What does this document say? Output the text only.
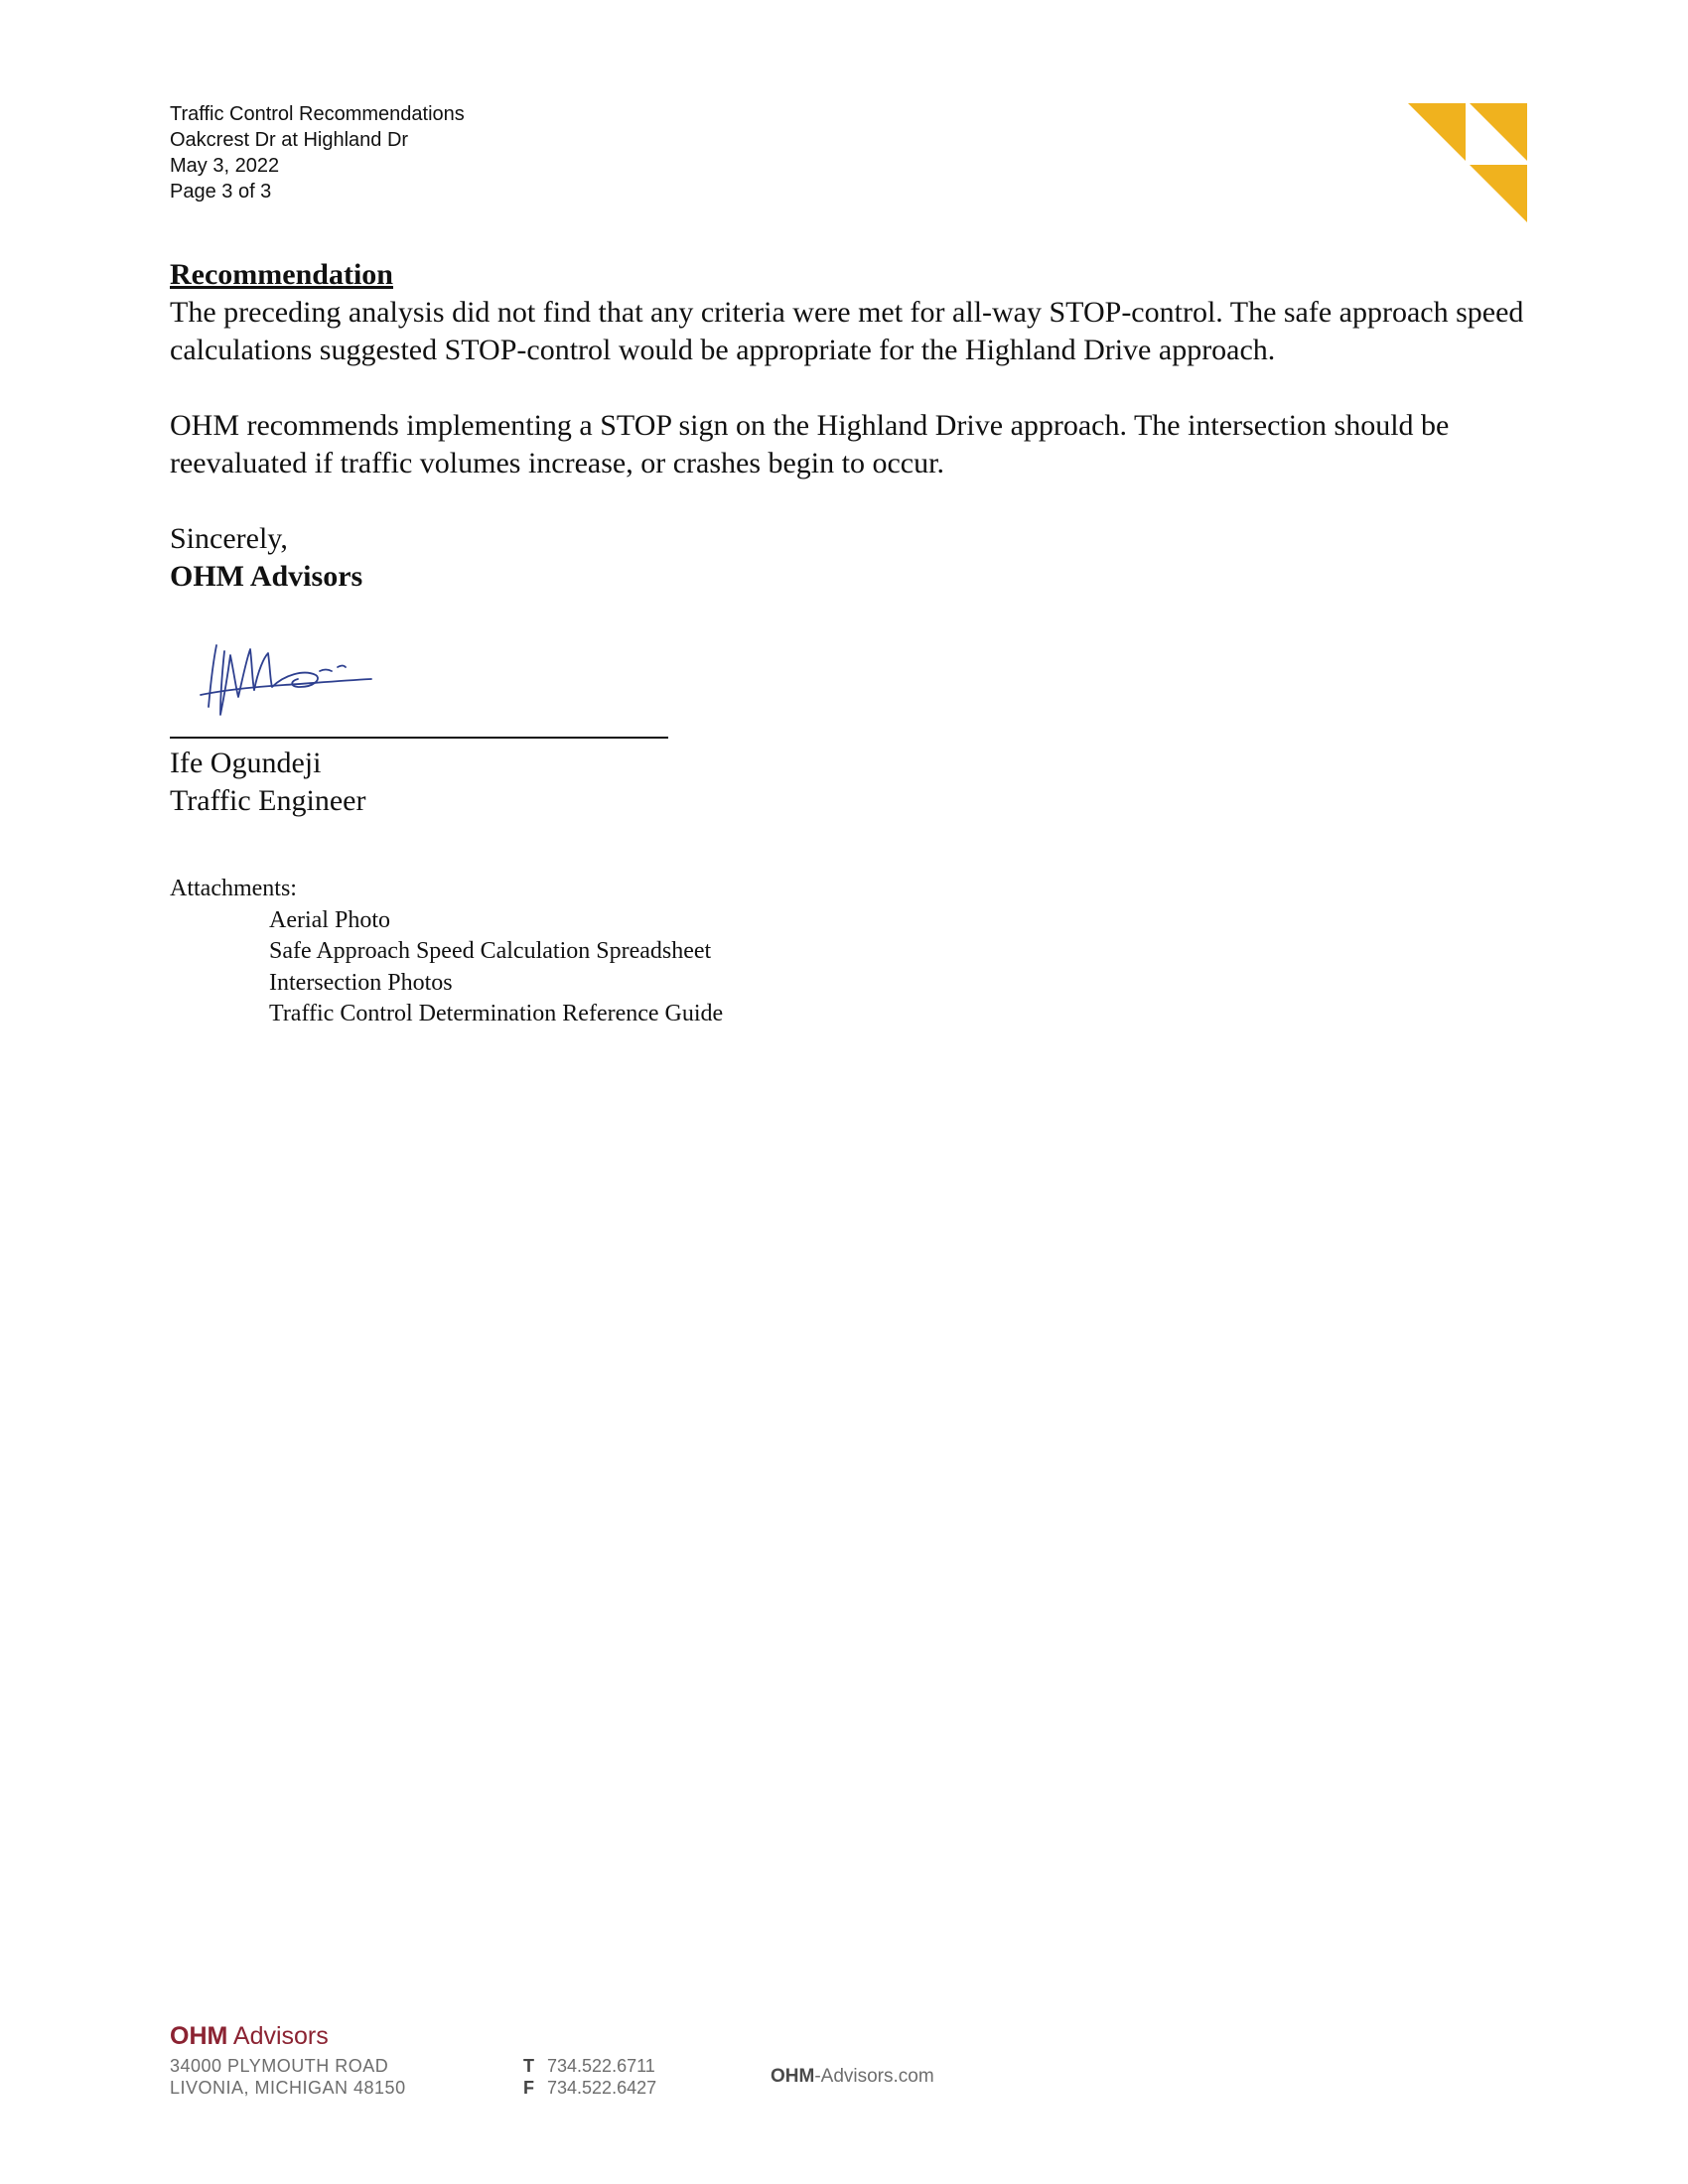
Traffic Control Recommendations
Oakcrest Dr at Highland Dr
May 3, 2022
Page 3 of 3

Recommendation

The preceding analysis did not find that any criteria were met for all-way STOP-control. The safe approach speed calculations suggested STOP-control would be appropriate for the Highland Drive approach.

OHM recommends implementing a STOP sign on the Highland Drive approach. The intersection should be reevaluated if traffic volumes increase, or crashes begin to occur.

Sincerely,
OHM Advisors
Ife Ogundeji
Traffic Engineer
Attachments:
Aerial Photo
Safe Approach Speed Calculation Spreadsheet
Intersection Photos
Traffic Control Determination Reference Guide
OHM Advisors
34000 PLYMOUTH ROAD
LIVONIA, MICHIGAN 48150
T 734.522.6711
F 734.522.6427
OHM-Advisors.com
